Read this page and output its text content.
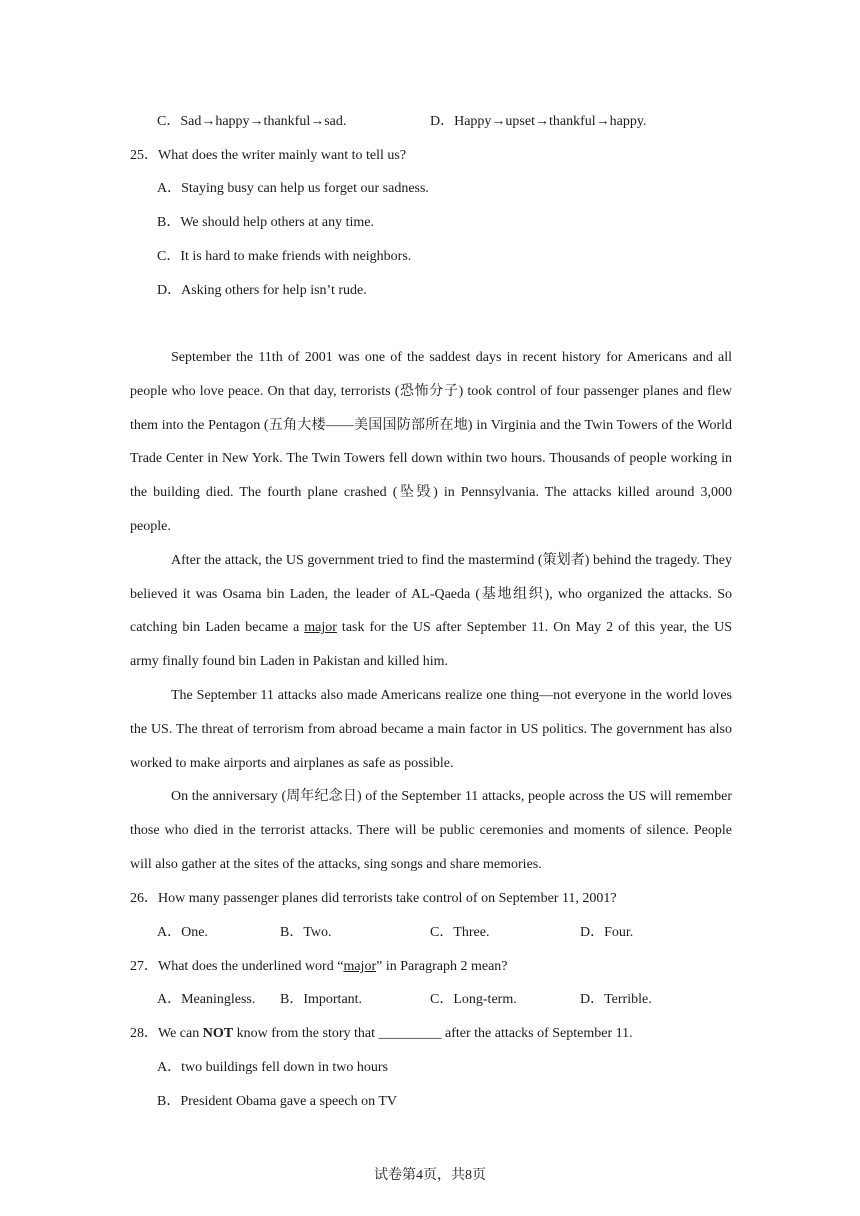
C．Sad→happy→thankful→sad.	D．Happy→upset→thankful→happy.
25．What does the writer mainly want to tell us?
A．Staying busy can help us forget our sadness.
B．We should help others at any time.
C．It is hard to make friends with neighbors.
D．Asking others for help isn’t rude.

September the 11th of 2001 was one of the saddest days in recent history for Americans and all people who love peace. On that day, terrorists (恐怖分子) took control of four passenger planes and flew them into the Pentagon (五角大楼——美国国防部所在地) in Virginia and the Twin Towers of the World Trade Center in New York. The Twin Towers fell down within two hours. Thousands of people working in the building died. The fourth plane crashed (坠毁) in Pennsylvania. The attacks killed around 3,000 people.

After the attack, the US government tried to find the mastermind (策划者) behind the tragedy. They believed it was Osama bin Laden, the leader of AL-Qaeda (基地组织), who organized the attacks. So catching bin Laden became a major task for the US after September 11. On May 2 of this year, the US army finally found bin Laden in Pakistan and killed him.

The September 11 attacks also made Americans realize one thing—not everyone in the world loves the US. The threat of terrorism from abroad became a main factor in US politics. The government has also worked to make airports and airplanes as safe as possible.

On the anniversary (周年纪念日) of the September 11 attacks, people across the US will remember those who died in the terrorist attacks. There will be public ceremonies and moments of silence. People will also gather at the sites of the attacks, sing songs and share memories.

26．How many passenger planes did terrorists take control of on September 11, 2001?
A．One.	B．Two.	C．Three.	D．Four.
27．What does the underlined word “major” in Paragraph 2 mean?
A．Meaningless. B．Important.	C．Long-term.	D．Terrible.
28．We can NOT know from the story that _________ after the attacks of September 11.
A．two buildings fell down in two hours
B．President Obama gave a speech on TV
试卷第4页，共8页
